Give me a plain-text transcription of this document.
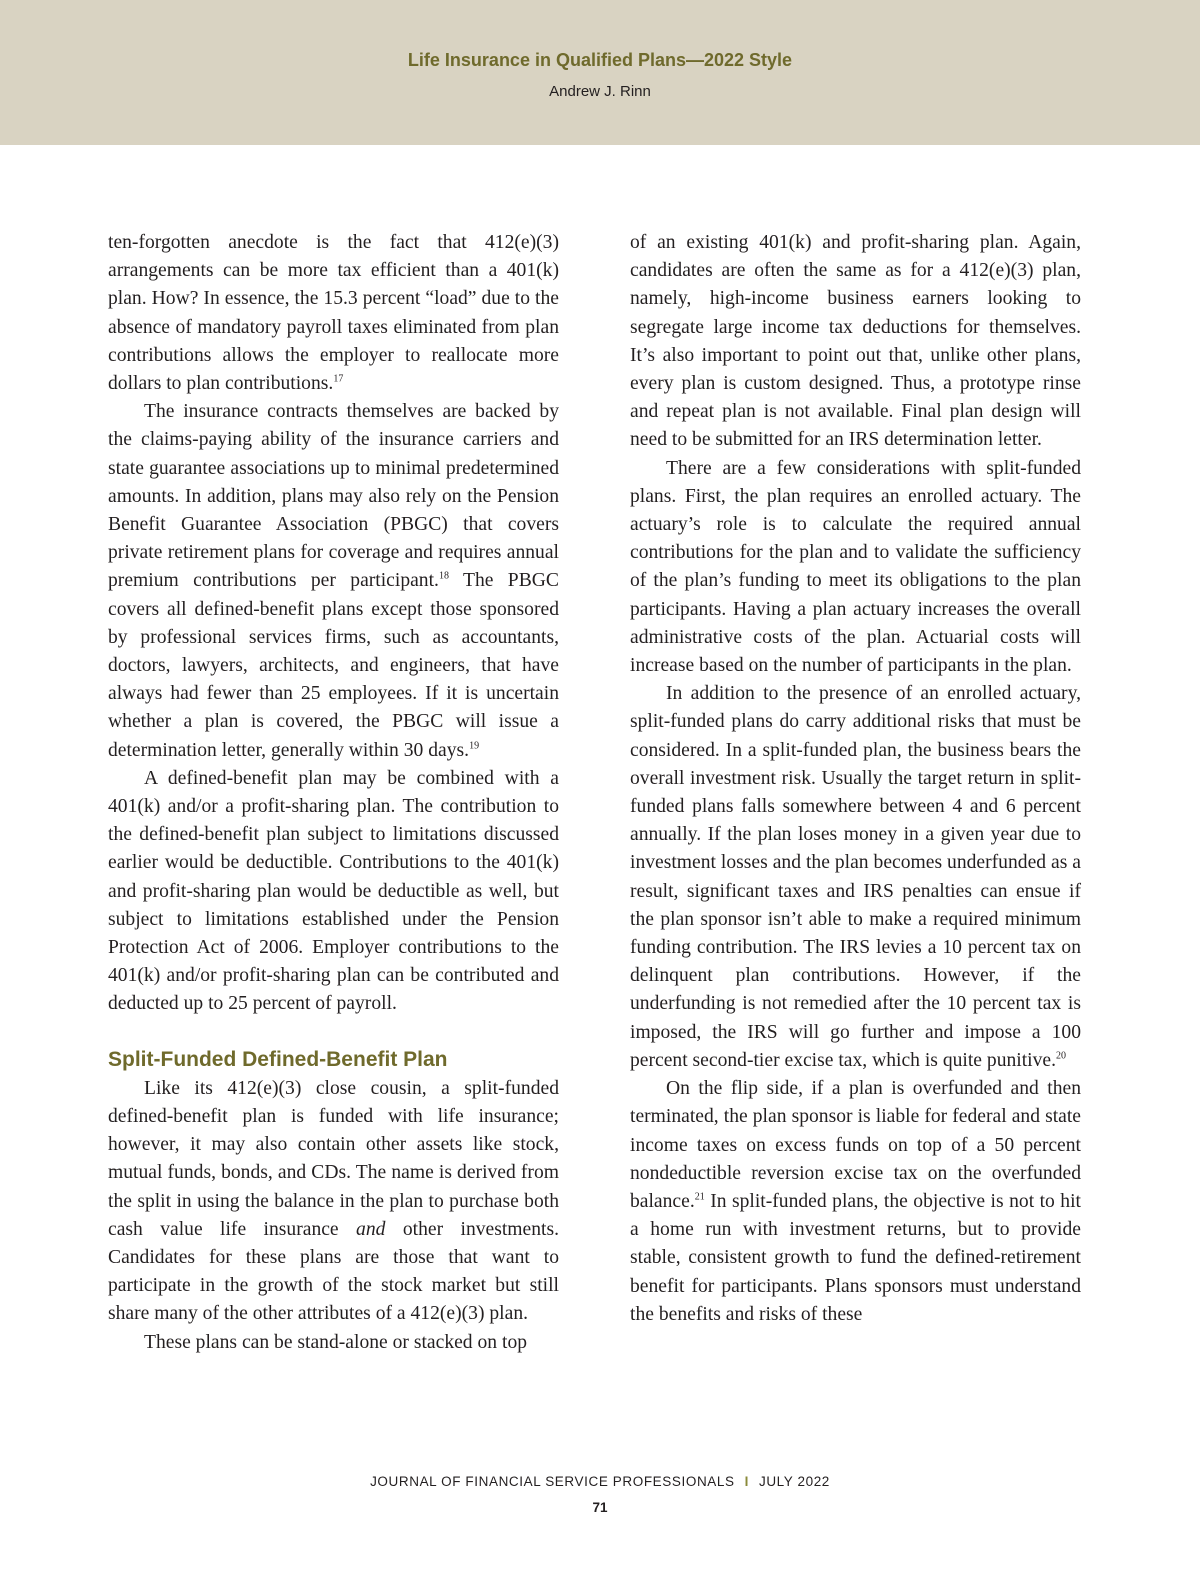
Life Insurance in Qualified Plans—2022 Style
Andrew J. Rinn

ten-forgotten anecdote is the fact that 412(e)(3) arrangements can be more tax efficient than a 401(k) plan. How? In essence, the 15.3 percent “load” due to the absence of mandatory payroll taxes eliminated from plan contributions allows the employer to reallocate more dollars to plan contributions.$^{17}$

The insurance contracts themselves are backed by the claims-paying ability of the insurance carriers and state guarantee associations up to minimal predetermined amounts. In addition, plans may also rely on the Pension Benefit Guarantee Association (PBGC) that covers private retirement plans for coverage and requires annual premium contributions per participant.$^{18}$ The PBGC covers all defined-benefit plans except those sponsored by professional services firms, such as accountants, doctors, lawyers, architects, and engineers, that have always had fewer than 25 employees. If it is uncertain whether a plan is covered, the PBGC will issue a determination letter, generally within 30 days.$^{19}$

A defined-benefit plan may be combined with a 401(k) and/or a profit-sharing plan. The contribution to the defined-benefit plan subject to limitations discussed earlier would be deductible. Contributions to the 401(k) and profit-sharing plan would be deductible as well, but subject to limitations established under the Pension Protection Act of 2006. Employer contributions to the 401(k) and/or profit-sharing plan can be contributed and deducted up to 25 percent of payroll.

Split-Funded Defined-Benefit Plan

Like its 412(e)(3) close cousin, a split-funded defined-benefit plan is funded with life insurance; however, it may also contain other assets like stock, mutual funds, bonds, and CDs. The name is derived from the split in using the balance in the plan to purchase both cash value life insurance and other investments. Candidates for these plans are those that want to participate in the growth of the stock market but still share many of the other attributes of a 412(e)(3) plan.

These plans can be stand-alone or stacked on top

of an existing 401(k) and profit-sharing plan. Again, candidates are often the same as for a 412(e)(3) plan, namely, high-income business earners looking to segregate large income tax deductions for themselves. It’s also important to point out that, unlike other plans, every plan is custom designed. Thus, a prototype rinse and repeat plan is not available. Final plan design will need to be submitted for an IRS determination letter.

There are a few considerations with split-funded plans. First, the plan requires an enrolled actuary. The actuary’s role is to calculate the required annual contributions for the plan and to validate the sufficiency of the plan’s funding to meet its obligations to the plan participants. Having a plan actuary increases the overall administrative costs of the plan. Actuarial costs will increase based on the number of participants in the plan.

In addition to the presence of an enrolled actuary, split-funded plans do carry additional risks that must be considered. In a split-funded plan, the business bears the overall investment risk. Usually the target return in split-funded plans falls somewhere between 4 and 6 percent annually. If the plan loses money in a given year due to investment losses and the plan becomes underfunded as a result, significant taxes and IRS penalties can ensue if the plan sponsor isn’t able to make a required minimum funding contribution. The IRS levies a 10 percent tax on delinquent plan contributions. However, if the underfunding is not remedied after the 10 percent tax is imposed, the IRS will go further and impose a 100 percent second-tier excise tax, which is quite punitive.$^{20}$

On the flip side, if a plan is overfunded and then terminated, the plan sponsor is liable for federal and state income taxes on excess funds on top of a 50 percent nondeductible reversion excise tax on the overfunded balance.$^{21}$ In split-funded plans, the objective is not to hit a home run with investment returns, but to provide stable, consistent growth to fund the defined-retirement benefit for participants. Plans sponsors must understand the benefits and risks of these

JOURNAL OF FINANCIAL SERVICE PROFESSIONALS I JULY 2022
71
